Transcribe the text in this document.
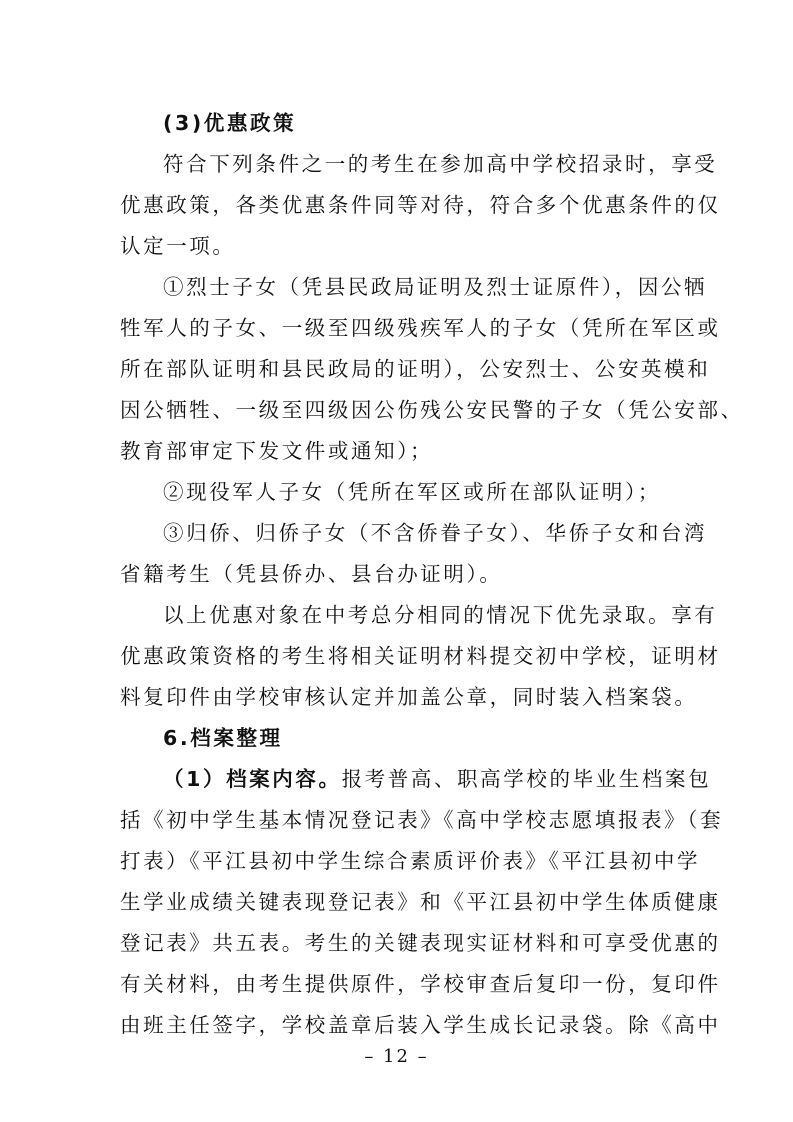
(3)优惠政策
符合下列条件之一的考生在参加高中学校招录时，享受
优惠政策，各类优惠条件同等对待，符合多个优惠条件的仅
认定一项。
①烈士子女（凭县民政局证明及烈士证原件），因公牺
牲军人的子女、一级至四级残疾军人的子女（凭所在军区或
所在部队证明和县民政局的证明），公安烈士、公安英模和
因公牺牲、一级至四级因公伤残公安民警的子女（凭公安部、
教育部审定下发文件或通知）；
②现役军人子女（凭所在军区或所在部队证明）；
③归侨、归侨子女（不含侨眷子女）、华侨子女和台湾
省籍考生（凭县侨办、县台办证明）。
以上优惠对象在中考总分相同的情况下优先录取。享有
优惠政策资格的考生将相关证明材料提交初中学校，证明材
料复印件由学校审核认定并加盖公章，同时装入档案袋。
6.档案整理
（1）档案内容。报考普高、职高学校的毕业生档案包
括《初中学生基本情况登记表》《高中学校志愿填报表》（套
打表）《平江县初中学生综合素质评价表》《平江县初中学
生学业成绩关键表现登记表》和《平江县初中学生体质健康
登记表》共五表。考生的关键表现实证材料和可享受优惠的
有关材料，由考生提供原件，学校审查后复印一份，复印件
由班主任签字，学校盖章后装入学生成长记录袋。除《高中
– 12 –
